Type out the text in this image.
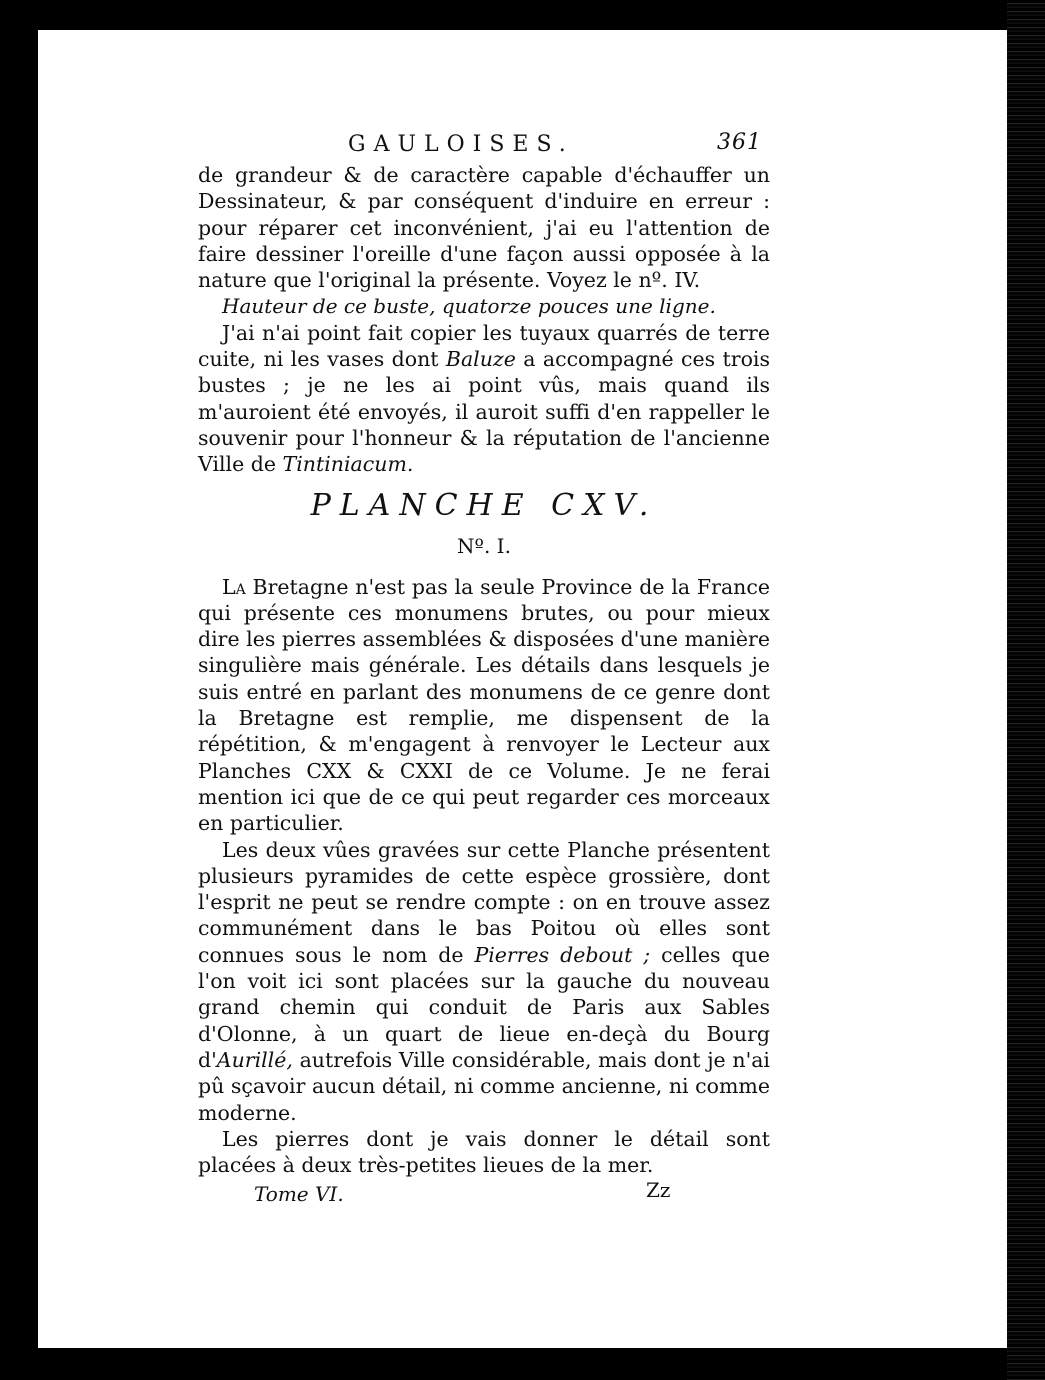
GAULOISES.	361

de grandeur & de caractère capable d'échauffer un Dessinateur, & par conséquent d'induire en erreur : pour réparer cet inconvénient, j'ai eu l'attention de faire dessiner l'oreille d'une façon aussi opposée à la nature que l'original la présente. Voyez le nº. IV.

Hauteur de ce buste, quatorze pouces une ligne.

J'ai n'ai point fait copier les tuyaux quarrés de terre cuite, ni les vases dont Baluze a accompagné ces trois bustes ; je ne les ai point vûs, mais quand ils m'auroient été envoyés, il auroit suffi d'en rappeller le souvenir pour l'honneur & la réputation de l'ancienne Ville de Tintiniacum.

PLANCHE CXV.
Nº. I.

La Bretagne n'est pas la seule Province de la France qui présente ces monumens brutes, ou pour mieux dire les pierres assemblées & disposées d'une manière singulière mais générale. Les détails dans lesquels je suis entré en parlant des monumens de ce genre dont la Bretagne est remplie, me dispensent de la répétition, & m'engagent à renvoyer le Lecteur aux Planches CXX & CXXI de ce Volume. Je ne ferai mention ici que de ce qui peut regarder ces morceaux en particulier.

Les deux vûes gravées sur cette Planche présentent plusieurs pyramides de cette espèce grossière, dont l'esprit ne peut se rendre compte : on en trouve assez communément dans le bas Poitou où elles sont connues sous le nom de Pierres debout ; celles que l'on voit ici sont placées sur la gauche du nouveau grand chemin qui conduit de Paris aux Sables d'Olonne, à un quart de lieue en-deçà du Bourg d'Aurillé, autrefois Ville considérable, mais dont je n'ai pû sçavoir aucun détail, ni comme ancienne, ni comme moderne.

Les pierres dont je vais donner le détail sont placées à deux très-petites lieues de la mer.

Tome VI.	Zz
